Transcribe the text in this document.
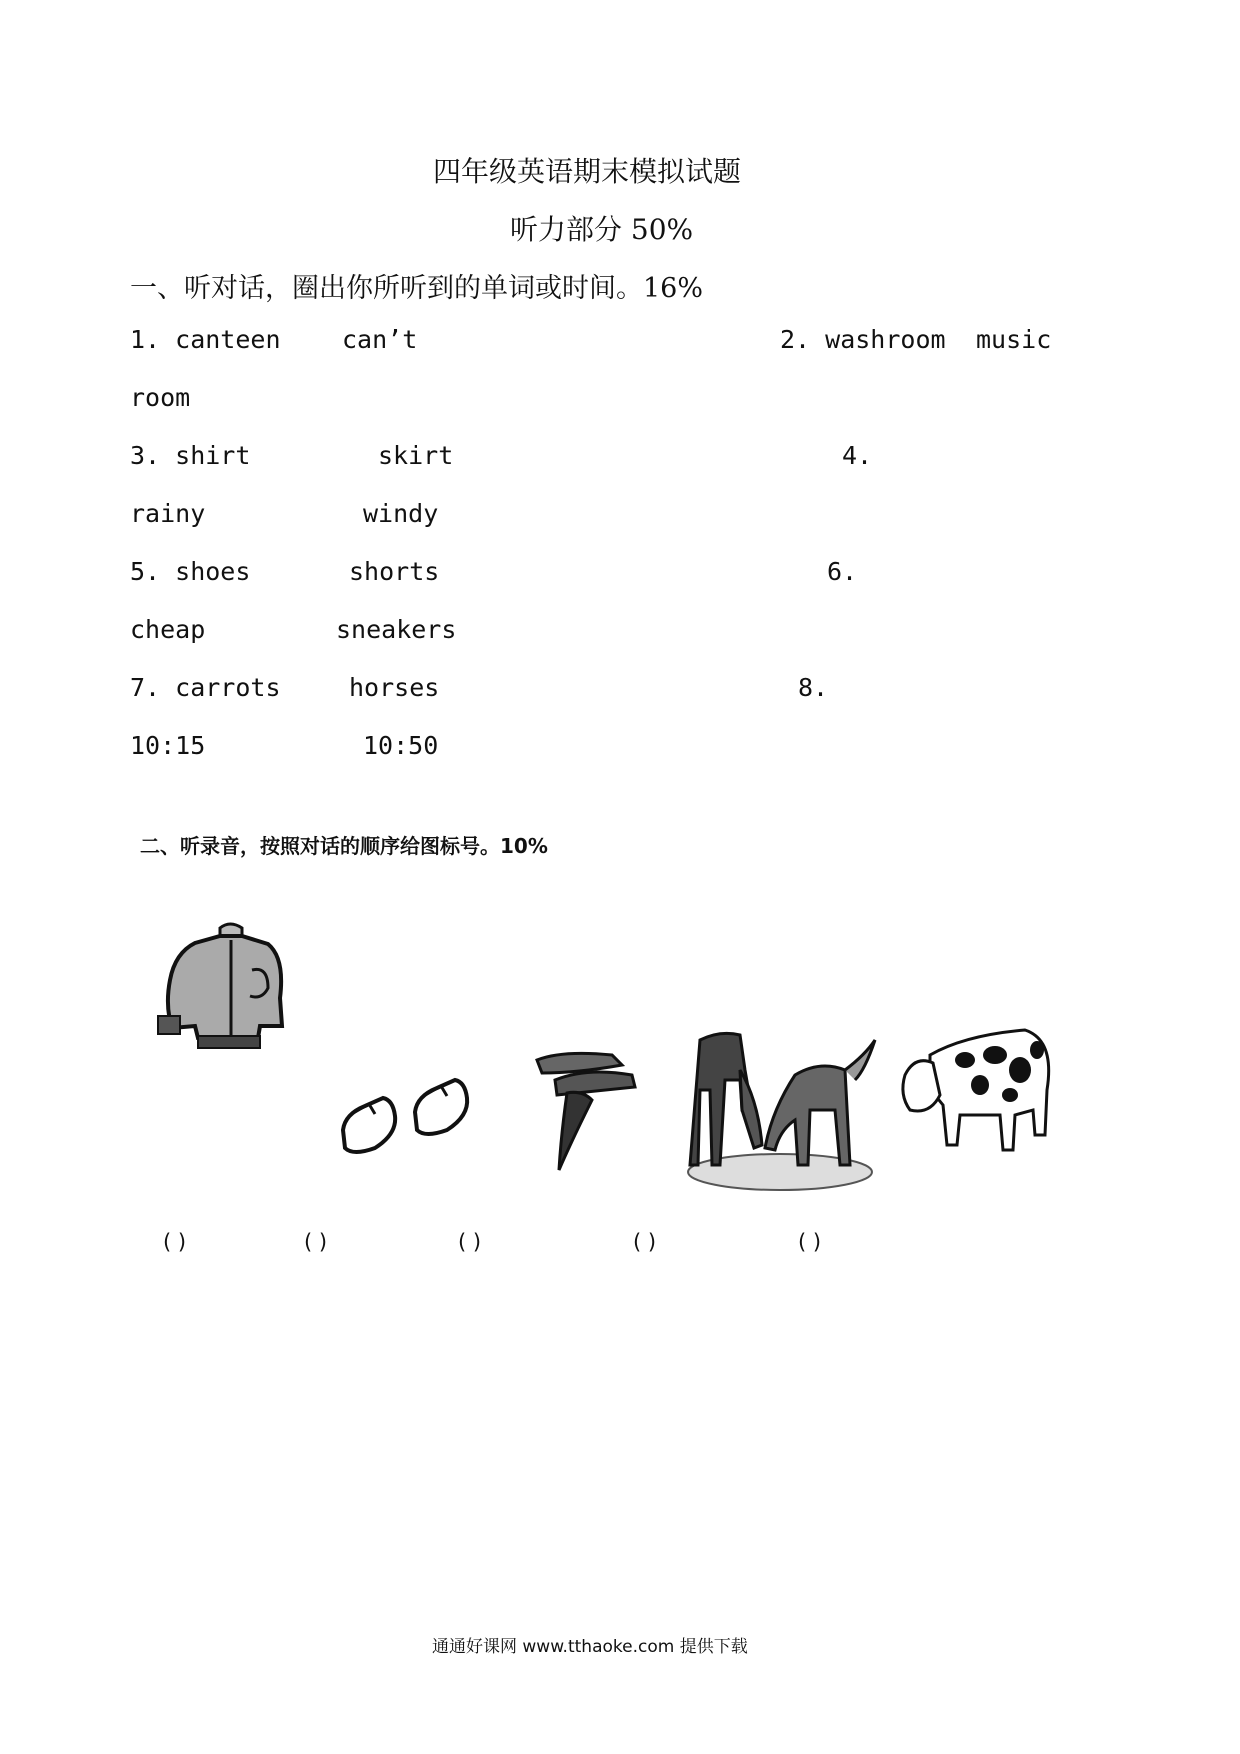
四年级英语期末模拟试题
听力部分 50%
一、听对话，圈出你所听到的单词或时间。16%
1. canteen can’t	2. washroom music
room
3. shirt	skirt	4.
rainy	windy
5. shoes	shorts	6.
cheap	sneakers
7. carrots	horses	8.
10:15	10:50
二、听录音，按照对话的顺序给图标号。10%
( )	( )	( )	( )	( )
通通好课网 www.tthaoke.com 提供下载
